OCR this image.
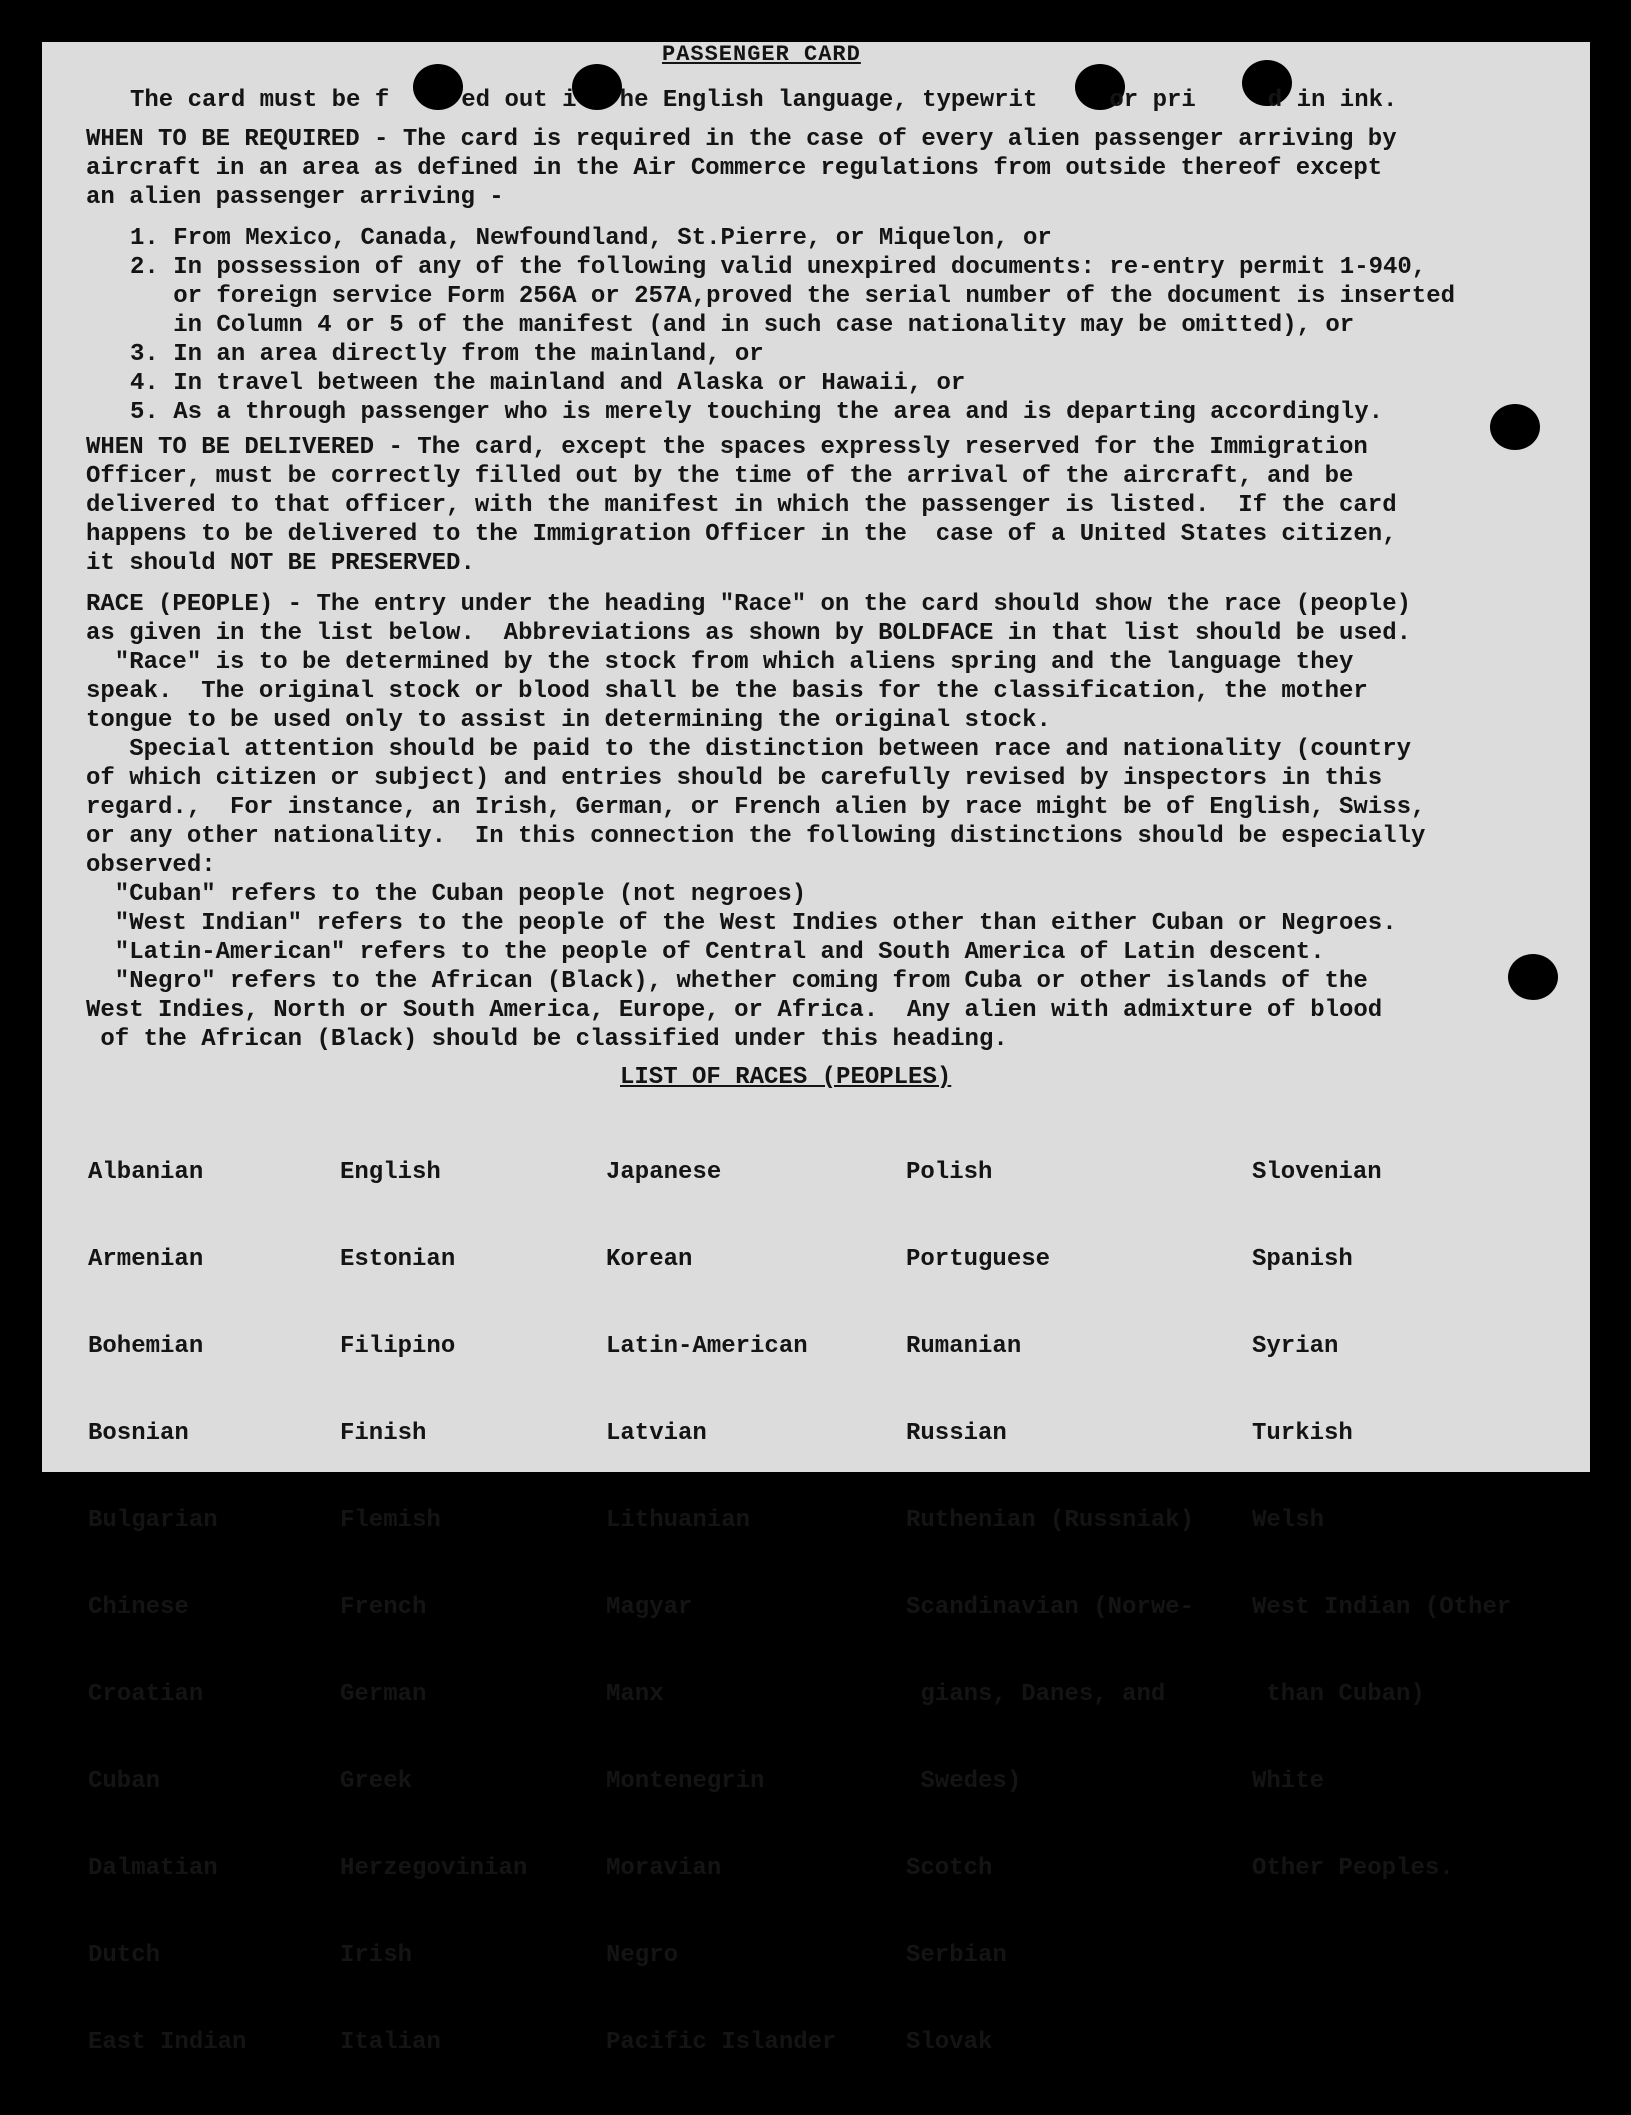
PASSENGER CARD
The card must be f     ed out i   he English language, typewrit     or pri     d in ink.
WHEN TO BE REQUIRED - The card is required in the case of every alien passenger arriving by
aircraft in an area as defined in the Air Commerce regulations from outside thereof except
an alien passenger arriving -
1. From Mexico, Canada, Newfoundland, St.Pierre, or Miquelon, or
2. In possession of any of the following valid unexpired documents: re-entry permit 1-940,
or foreign service Form 256A or 257A,proved the serial number of the document is inserted
in Column 4 or 5 of the manifest (and in such case nationality may be omitted), or
3. In an area directly from the mainland, or
4. In travel between the mainland and Alaska or Hawaii, or
5. As a through passenger who is merely touching the area and is departing accordingly.
WHEN TO BE DELIVERED - The card, except the spaces expressly reserved for the Immigration
Officer, must be correctly filled out by the time of the arrival of the aircraft, and be
delivered to that officer, with the manifest in which the passenger is listed.  If the card
happens to be delivered to the Immigration Officer in the  case of a United States citizen,
it should NOT BE PRESERVED.
RACE (PEOPLE) - The entry under the heading "Race" on the card should show the race (people)
as given in the list below.  Abbreviations as shown by BOLDFACE in that list should be used.
"Race" is to be determined by the stock from which aliens spring and the language they
speak.  The original stock or blood shall be the basis for the classification, the mother
tongue to be used only to assist in determining the original stock.
Special attention should be paid to the distinction between race and nationality (country
of which citizen or subject) and entries should be carefully revised by inspectors in this
regard.,  For instance, an Irish, German, or French alien by race might be of English, Swiss,
or any other nationality.  In this connection the following distinctions should be especially
observed:
"Cuban" refers to the Cuban people (not negroes)
"West Indian" refers to the people of the West Indies other than either Cuban or Negroes.
"Latin-American" refers to the people of Central and South America of Latin descent.
"Negro" refers to the African (Black), whether coming from Cuba or other islands of the
West Indies, North or South America, Europe, or Africa.  Any alien with admixture of blood
of the African (Black) should be classified under this heading.
LIST OF RACES (PEOPLES)

Albanian

Armenian

Bohemian

Bosnian

Bulgarian

Chinese

Croatian

Cuban

Dalmatian

Dutch

East Indian

English

Estonian

Filipino

Finish

Flemish

French

German

Greek

Herzegovinian

Irish

Italian

Japanese

Korean

Latin-American

Latvian

Lithuanian

Magyar

Manx

Montenegrin

Moravian

Negro

Pacific Islander

Polish

Portuguese

Rumanian

Russian

Ruthenian (Russniak)

Scandinavian (Norwe-

gians, Danes, and

Swedes)

Scotch

Serbian

Slovak

Slovenian

Spanish

Syrian

Turkish

Welsh

West Indian (Other

than Cuban)

White

Other Peoples.
